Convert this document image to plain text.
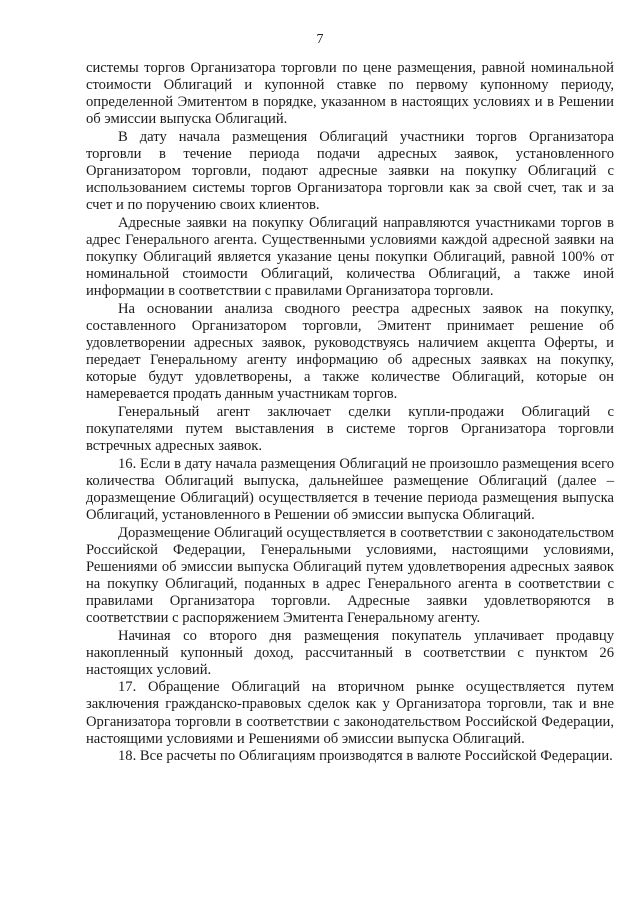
7

системы торгов Организатора торговли по цене размещения, равной номинальной стоимости Облигаций и купонной ставке по первому купонному периоду, определенной Эмитентом в порядке, указанном в настоящих условиях и в Решении об эмиссии выпуска Облигаций.

В дату начала размещения Облигаций участники торгов Организатора торговли в течение периода подачи адресных заявок, установленного Организатором торговли, подают адресные заявки на покупку Облигаций с использованием системы торгов Организатора торговли как за свой счет, так и за счет и по поручению своих клиентов.

Адресные заявки на покупку Облигаций направляются участниками торгов в адрес Генерального агента. Существенными условиями каждой адресной заявки на покупку Облигаций является указание цены покупки Облигаций, равной 100% от номинальной стоимости Облигаций, количества Облигаций, а также иной информации в соответствии с правилами Организатора торговли.

На основании анализа сводного реестра адресных заявок на покупку, составленного Организатором торговли, Эмитент принимает решение об удовлетворении адресных заявок, руководствуясь наличием акцепта Оферты, и передает Генеральному агенту информацию об адресных заявках на покупку, которые будут удовлетворены, а также количестве Облигаций, которые он намеревается продать данным участникам торгов.

Генеральный агент заключает сделки купли-продажи Облигаций с покупателями путем выставления в системе торгов Организатора торговли встречных адресных заявок.

16. Если в дату начала размещения Облигаций не произошло размещения всего количества Облигаций выпуска, дальнейшее размещение Облигаций (далее – доразмещение Облигаций) осуществляется в течение периода размещения выпуска Облигаций, установленного в Решении об эмиссии выпуска Облигаций.

Доразмещение Облигаций осуществляется в соответствии с законодательством Российской Федерации, Генеральными условиями, настоящими условиями, Решениями об эмиссии выпуска Облигаций путем удовлетворения адресных заявок на покупку Облигаций, поданных в адрес Генерального агента в соответствии с правилами Организатора торговли. Адресные заявки удовлетворяются в соответствии с распоряжением Эмитента Генеральному агенту.

Начиная со второго дня размещения покупатель уплачивает продавцу накопленный купонный доход, рассчитанный в соответствии с пунктом 26 настоящих условий.

17. Обращение Облигаций на вторичном рынке осуществляется путем заключения гражданско-правовых сделок как у Организатора торговли, так и вне Организатора торговли в соответствии с законодательством Российской Федерации, настоящими условиями и Решениями об эмиссии выпуска Облигаций.

18. Все расчеты по Облигациям производятся в валюте Российской Федерации.
